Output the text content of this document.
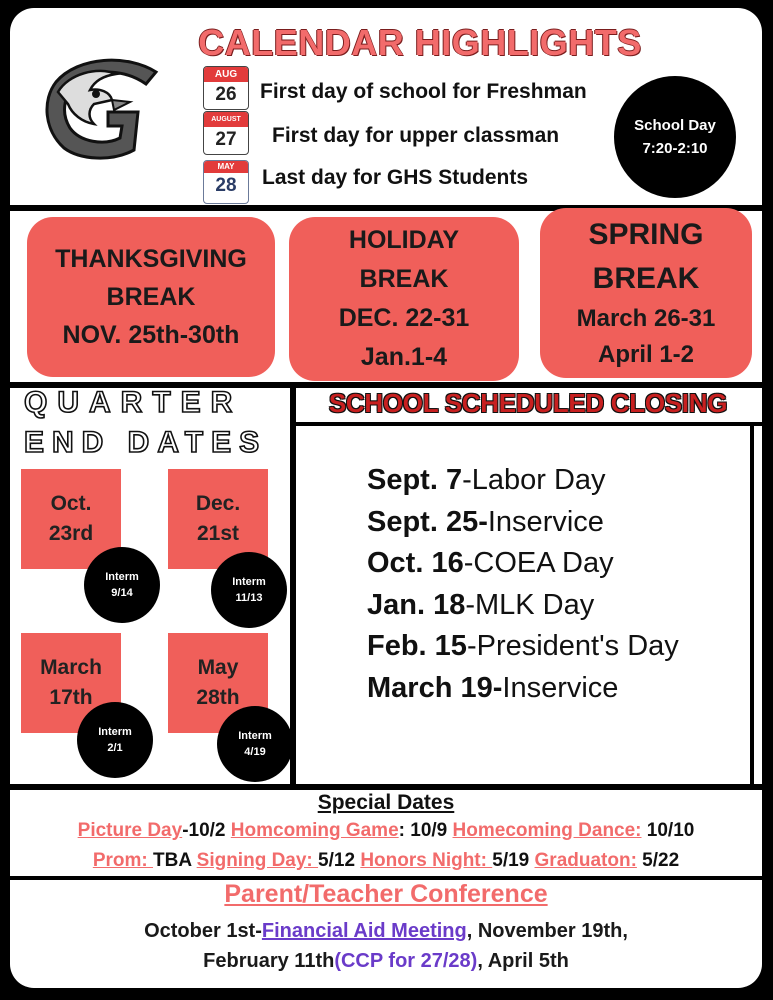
CALENDAR HIGHLIGHTS
AUG
26	First day of school for Freshman
AUGUST
27	First day for upper classman
MAY
28	Last day for GHS Students
School Day
7:20-2:10
THANKSGIVING
BREAK
NOV. 25th-30th
HOLIDAY
BREAK
DEC. 22-31
Jan.1-4
SPRING
BREAK
March 26-31
April 1-2
QUARTER
END DATES
Oct.
23rd
Interm
9/14
Dec.
21st
Interm
11/13
March
17th
Interm
2/1
May
28th
Interm
4/19
SCHOOL SCHEDULED CLOSING
Sept. 7-Labor Day
Sept. 25-Inservice
Oct. 16-COEA Day
Jan. 18-MLK Day
Feb. 15-President's Day
March 19-Inservice
Special Dates
Picture Day-10/2 Homcoming Game: 10/9 Homecoming Dance: 10/10
Prom: TBA Signing Day: 5/12 Honors Night: 5/19 Graduaton: 5/22
Parent/Teacher Conference
October 1st-Financial Aid Meeting, November 19th,
February 11th(CCP for 27/28), April 5th
